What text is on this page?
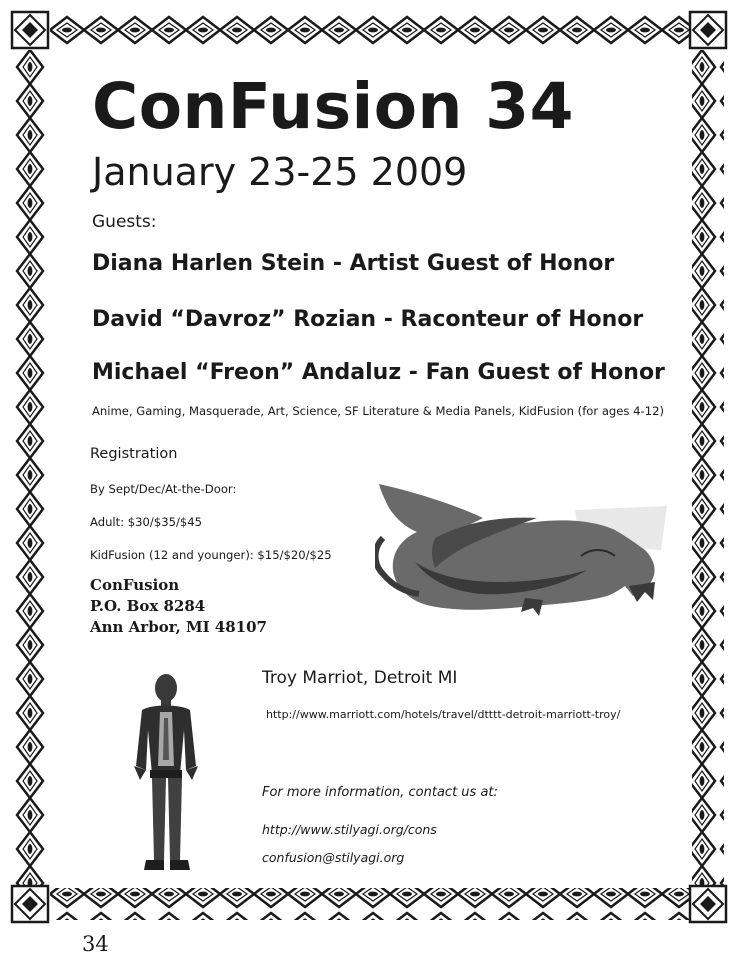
ConFusion 34
January 23-25 2009
Guests:
Diana Harlen Stein - Artist Guest of Honor
David “Davroz” Rozian - Raconteur of Honor
Michael “Freon” Andaluz - Fan Guest of Honor
Anime, Gaming, Masquerade, Art, Science, SF Literature & Media Panels, KidFusion (for ages 4-12)
Registration
By Sept/Dec/At-the-Door:
Adult: $30/$35/$45
KidFusion (12 and younger): $15/$20/$25
ConFusion
P.O. Box 8284
Ann Arbor, MI 48107
Troy Marriot, Detroit MI
http://www.marriott.com/hotels/travel/dtttt-detroit-marriott-troy/
For more information, contact us at:
http://www.stilyagi.org/cons
confusion@stilyagi.org
34
